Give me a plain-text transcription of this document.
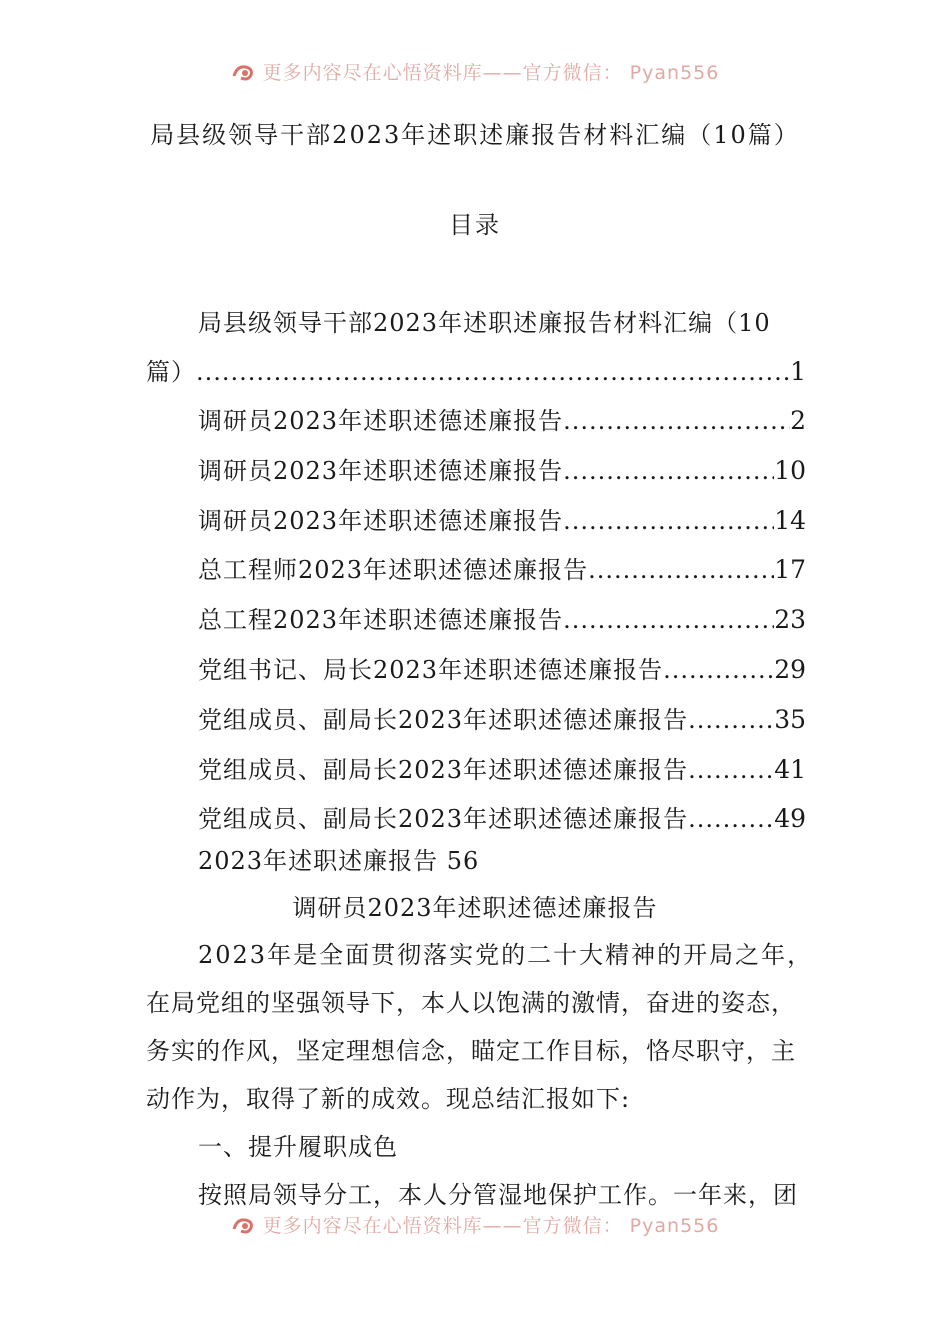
更多内容尽在心悟资料库——官方微信： Pyan556
局县级领导干部2023年述职述廉报告材料汇编（10篇）
目录
局县级领导干部2023年述职述廉报告材料汇编（10
篇） .....	1
调研员2023年述职述德述廉报告 .....	2
调研员2023年述职述德述廉报告 .....	10
调研员2023年述职述德述廉报告 .....	14
总工程师2023年述职述德述廉报告 .....	17
总工程2023年述职述德述廉报告 .....	23
党组书记、局长2023年述职述德述廉报告 .....	29
党组成员、副局长2023年述职述德述廉报告 .....	35
党组成员、副局长2023年述职述德述廉报告 .....	41
党组成员、副局长2023年述职述德述廉报告 .....	49
2023年述职述廉报告 56
调研员2023年述职述德述廉报告
2023年是全面贯彻落实党的二十大精神的开局之年，
在局党组的坚强领导下，本人以饱满的激情，奋进的姿态，
务实的作风，坚定理想信念，瞄定工作目标，恪尽职守，主
动作为，取得了新的成效。现总结汇报如下:
一、提升履职成色
按照局领导分工，本人分管湿地保护工作。一年来，团
更多内容尽在心悟资料库——官方微信： Pyan556
